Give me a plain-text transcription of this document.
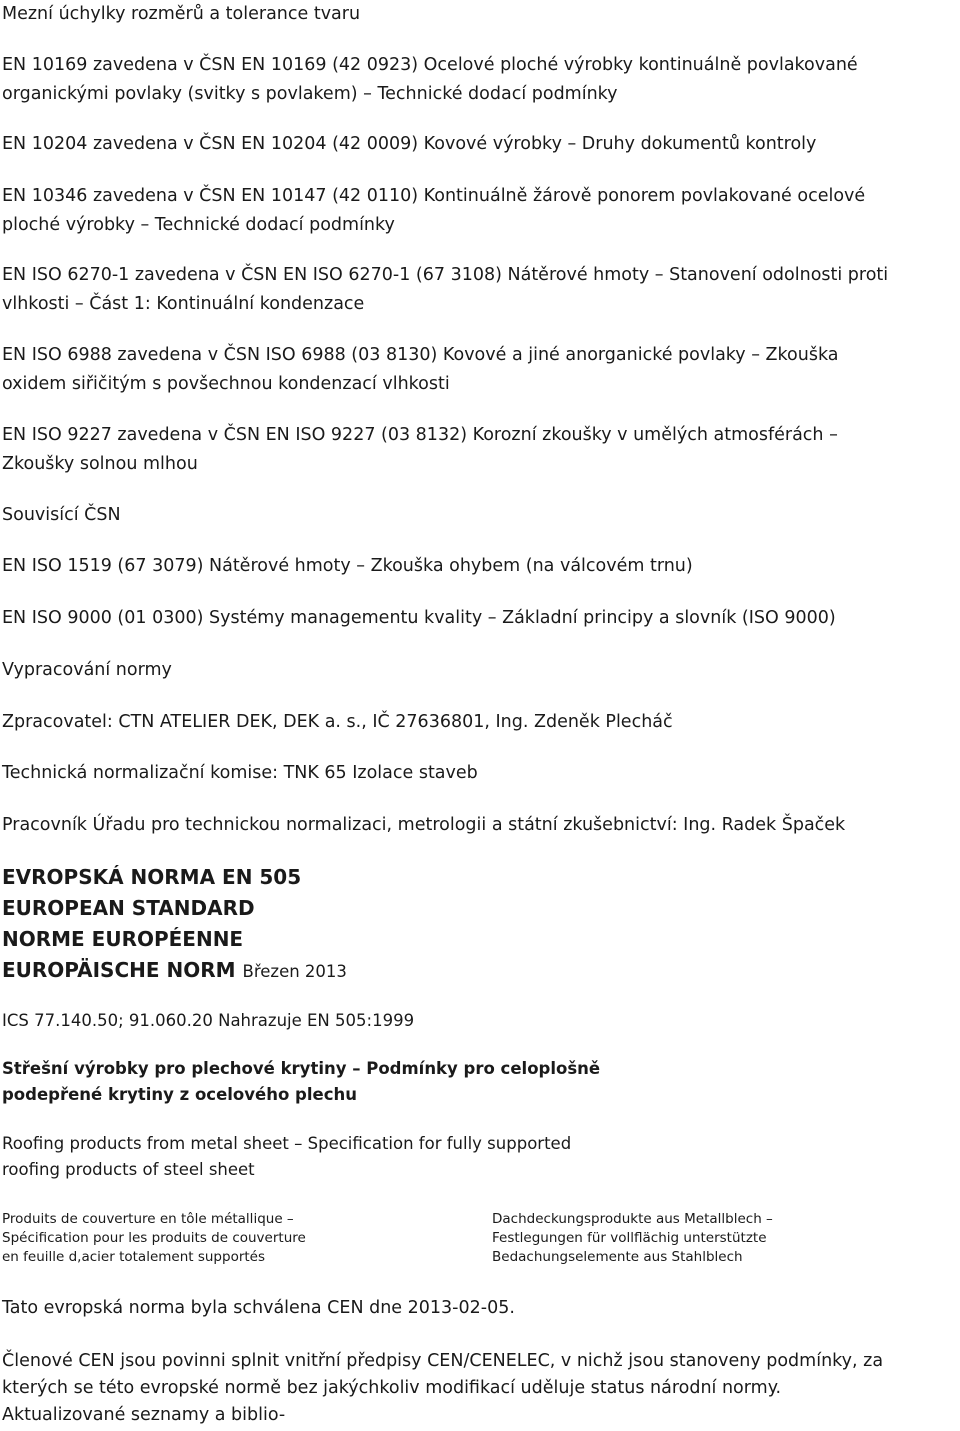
Mezní úchylky rozměrů a tolerance tvaru

EN 10169 zavedena v ČSN EN 10169 (42 0923) Ocelové ploché výrobky kontinuálně povlakované

organickými povlaky (svitky s povlakem) – Technické dodací podmínky

EN 10204 zavedena v ČSN EN 10204 (42 0009) Kovové výrobky – Druhy dokumentů kontroly

EN 10346 zavedena v ČSN EN 10147 (42 0110) Kontinuálně žárově ponorem povlakované ocelové

ploché výrobky – Technické dodací podmínky

EN ISO 6270-1 zavedena v ČSN EN ISO 6270-1 (67 3108) Nátěrové hmoty – Stanovení odolnosti proti

vlhkosti – Část 1: Kontinuální kondenzace

EN ISO 6988 zavedena v ČSN ISO 6988 (03 8130) Kovové a jiné anorganické povlaky – Zkouška

oxidem siřičitým s povšechnou kondenzací vlhkosti

EN ISO 9227 zavedena v ČSN EN ISO 9227 (03 8132) Korozní zkoušky v umělých atmosférách –

Zkoušky solnou mlhou

Souvisící ČSN

EN ISO 1519 (67 3079) Nátěrové hmoty – Zkouška ohybem (na válcovém trnu)

EN ISO 9000 (01 0300) Systémy managementu kvality – Základní principy a slovník (ISO 9000)

Vypracování normy

Zpracovatel: CTN ATELIER DEK, DEK a. s., IČ 27636801, Ing. Zdeněk Plecháč

Technická normalizační komise: TNK 65 Izolace staveb

Pracovník Úřadu pro technickou normalizaci, metrologii a státní zkušebnictví: Ing. Radek Špaček

EVROPSKÁ NORMA EN 505
EUROPEAN STANDARD
NORME EUROPÉENNE
EUROPÄISCHE NORM Březen 2013

ICS 77.140.50; 91.060.20 Nahrazuje EN 505:1999

Střešní výrobky pro plechové krytiny – Podmínky pro celoplošně

podepřené krytiny z ocelového plechu

Roofing products from metal sheet – Specification for fully supported

roofing products of steel sheet

Produits de couverture en tôle métallique –

Spécification pour les produits de couverture

en feuille d,acier totalement supportés

Dachdeckungsprodukte aus Metallblech –

Festlegungen für vollflächig unterstützte

Bedachungselemente aus Stahlblech

Tato evropská norma byla schválena CEN dne 2013-02-05.

Členové CEN jsou povinni splnit vnitřní předpisy CEN/CENELEC, v nichž jsou stanoveny podmínky, za

kterých se této evropské normě bez jakýchkoliv modifikací uděluje status národní normy.

Aktualizované seznamy a biblio-
